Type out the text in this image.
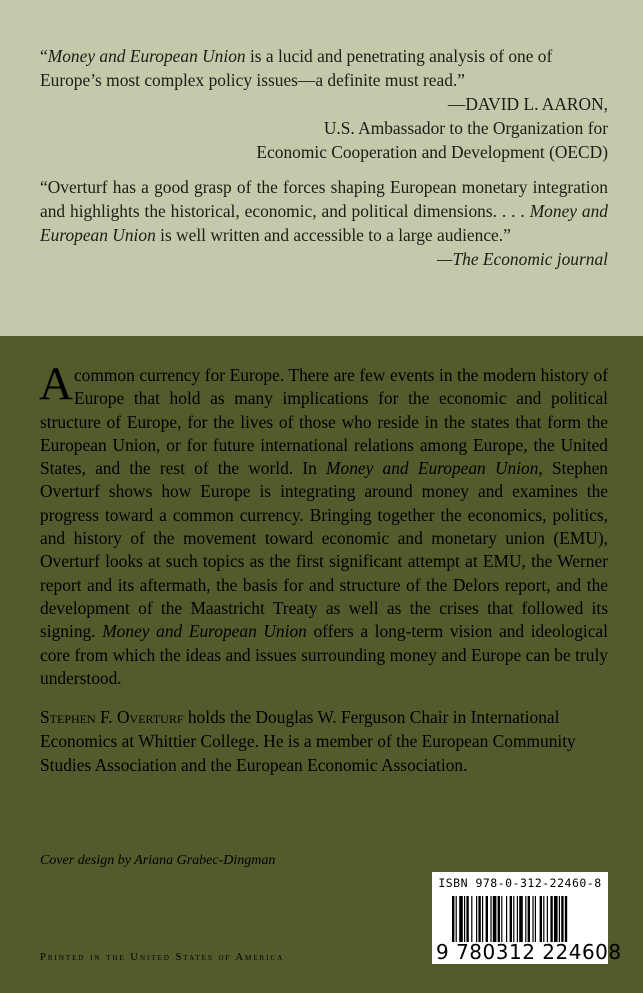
“Money and European Union is a lucid and penetrating analysis of one of Europe’s most complex policy issues—a definite must read.”

—DAVID L. AARON,
U.S. Ambassador to the Organization for
Economic Cooperation and Development (OECD)

“Overturf has a good grasp of the forces shaping European monetary integration and highlights the historical, economic, and political dimensions. . . . Money and European Union is well written and accessible to a large audience.”
—The Economic journal

Acommon currency for Europe. There are few events in the modern history of Europe that hold as many implications for the economic and political structure of Europe, for the lives of those who reside in the states that form the European Union, or for future international relations among Europe, the United States, and the rest of the world. In Money and European Union, Stephen Overturf shows how Europe is integrating around money and examines the progress toward a common currency. Bringing together the economics, politics, and history of the movement toward economic and monetary union (EMU), Overturf looks at such topics as the first significant attempt at EMU, the Werner report and its aftermath, the basis for and structure of the Delors report, and the development of the Maastricht Treaty as well as the crises that followed its signing. Money and European Union offers a long-term vision and ideological core from which the ideas and issues surrounding money and Europe can be truly understood.

Stephen F. Overturf holds the Douglas W. Ferguson Chair in International Economics at Whittier College. He is a member of the European Community Studies Association and the European Economic Association.

Cover design by Ariana Grabec-Dingman
Printed in the United States of America
ISBN 978-0-312-22460-8
9 780312 224608
